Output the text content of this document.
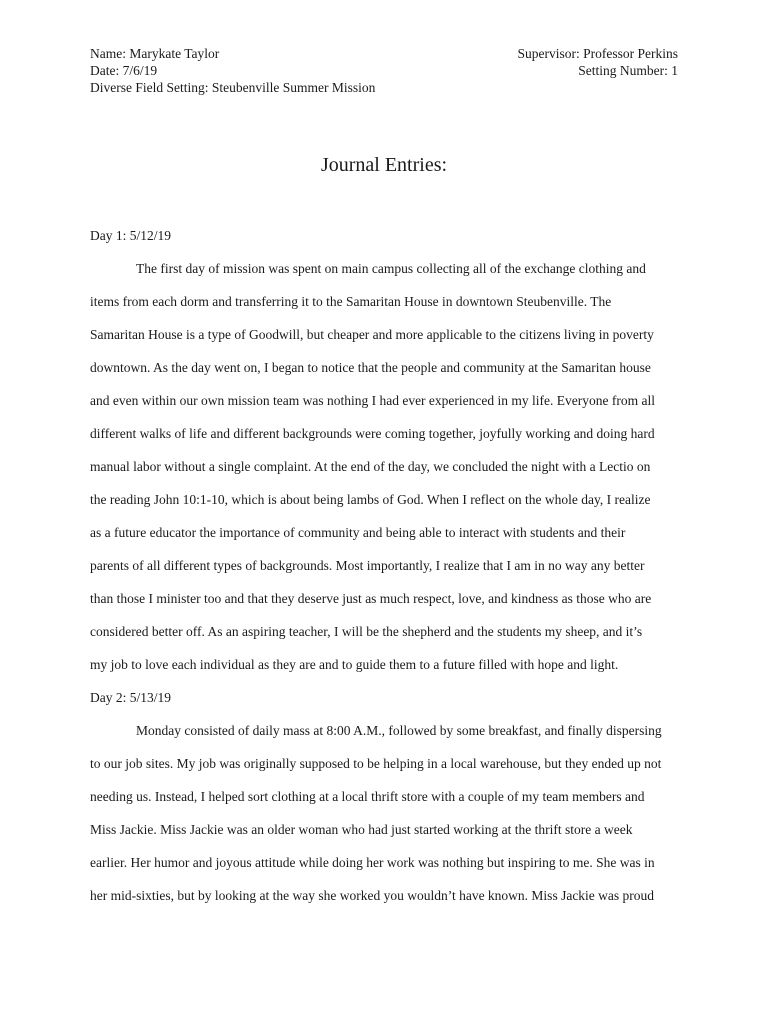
Name: Marykate Taylor	Supervisor: Professor Perkins
Date: 7/6/19	Setting Number: 1
Diverse Field Setting: Steubenville Summer Mission
Journal Entries:

Day 1: 5/12/19

The first day of mission was spent on main campus collecting all of the exchange clothing and

items from each dorm and transferring it to the Samaritan House in downtown Steubenville. The

Samaritan House is a type of Goodwill, but cheaper and more applicable to the citizens living in poverty

downtown. As the day went on, I began to notice that the people and community at the Samaritan house

and even within our own mission team was nothing I had ever experienced in my life. Everyone from all

different walks of life and different backgrounds were coming together, joyfully working and doing hard

manual labor without a single complaint. At the end of the day, we concluded the night with a Lectio on

the reading John 10:1-10, which is about being lambs of God. When I reflect on the whole day, I realize

as a future educator the importance of community and being able to interact with students and their

parents of all different types of backgrounds. Most importantly, I realize that I am in no way any better

than those I minister too and that they deserve just as much respect, love, and kindness as those who are

considered better off. As an aspiring teacher, I will be the shepherd and the students my sheep, and it’s

my job to love each individual as they are and to guide them to a future filled with hope and light.

Day 2: 5/13/19

Monday consisted of daily mass at 8:00 A.M., followed by some breakfast, and finally dispersing

to our job sites. My job was originally supposed to be helping in a local warehouse, but they ended up not

needing us. Instead, I helped sort clothing at a local thrift store with a couple of my team members and

Miss Jackie. Miss Jackie was an older woman who had just started working at the thrift store a week

earlier. Her humor and joyous attitude while doing her work was nothing but inspiring to me. She was in

her mid-sixties, but by looking at the way she worked you wouldn’t have known. Miss Jackie was proud
